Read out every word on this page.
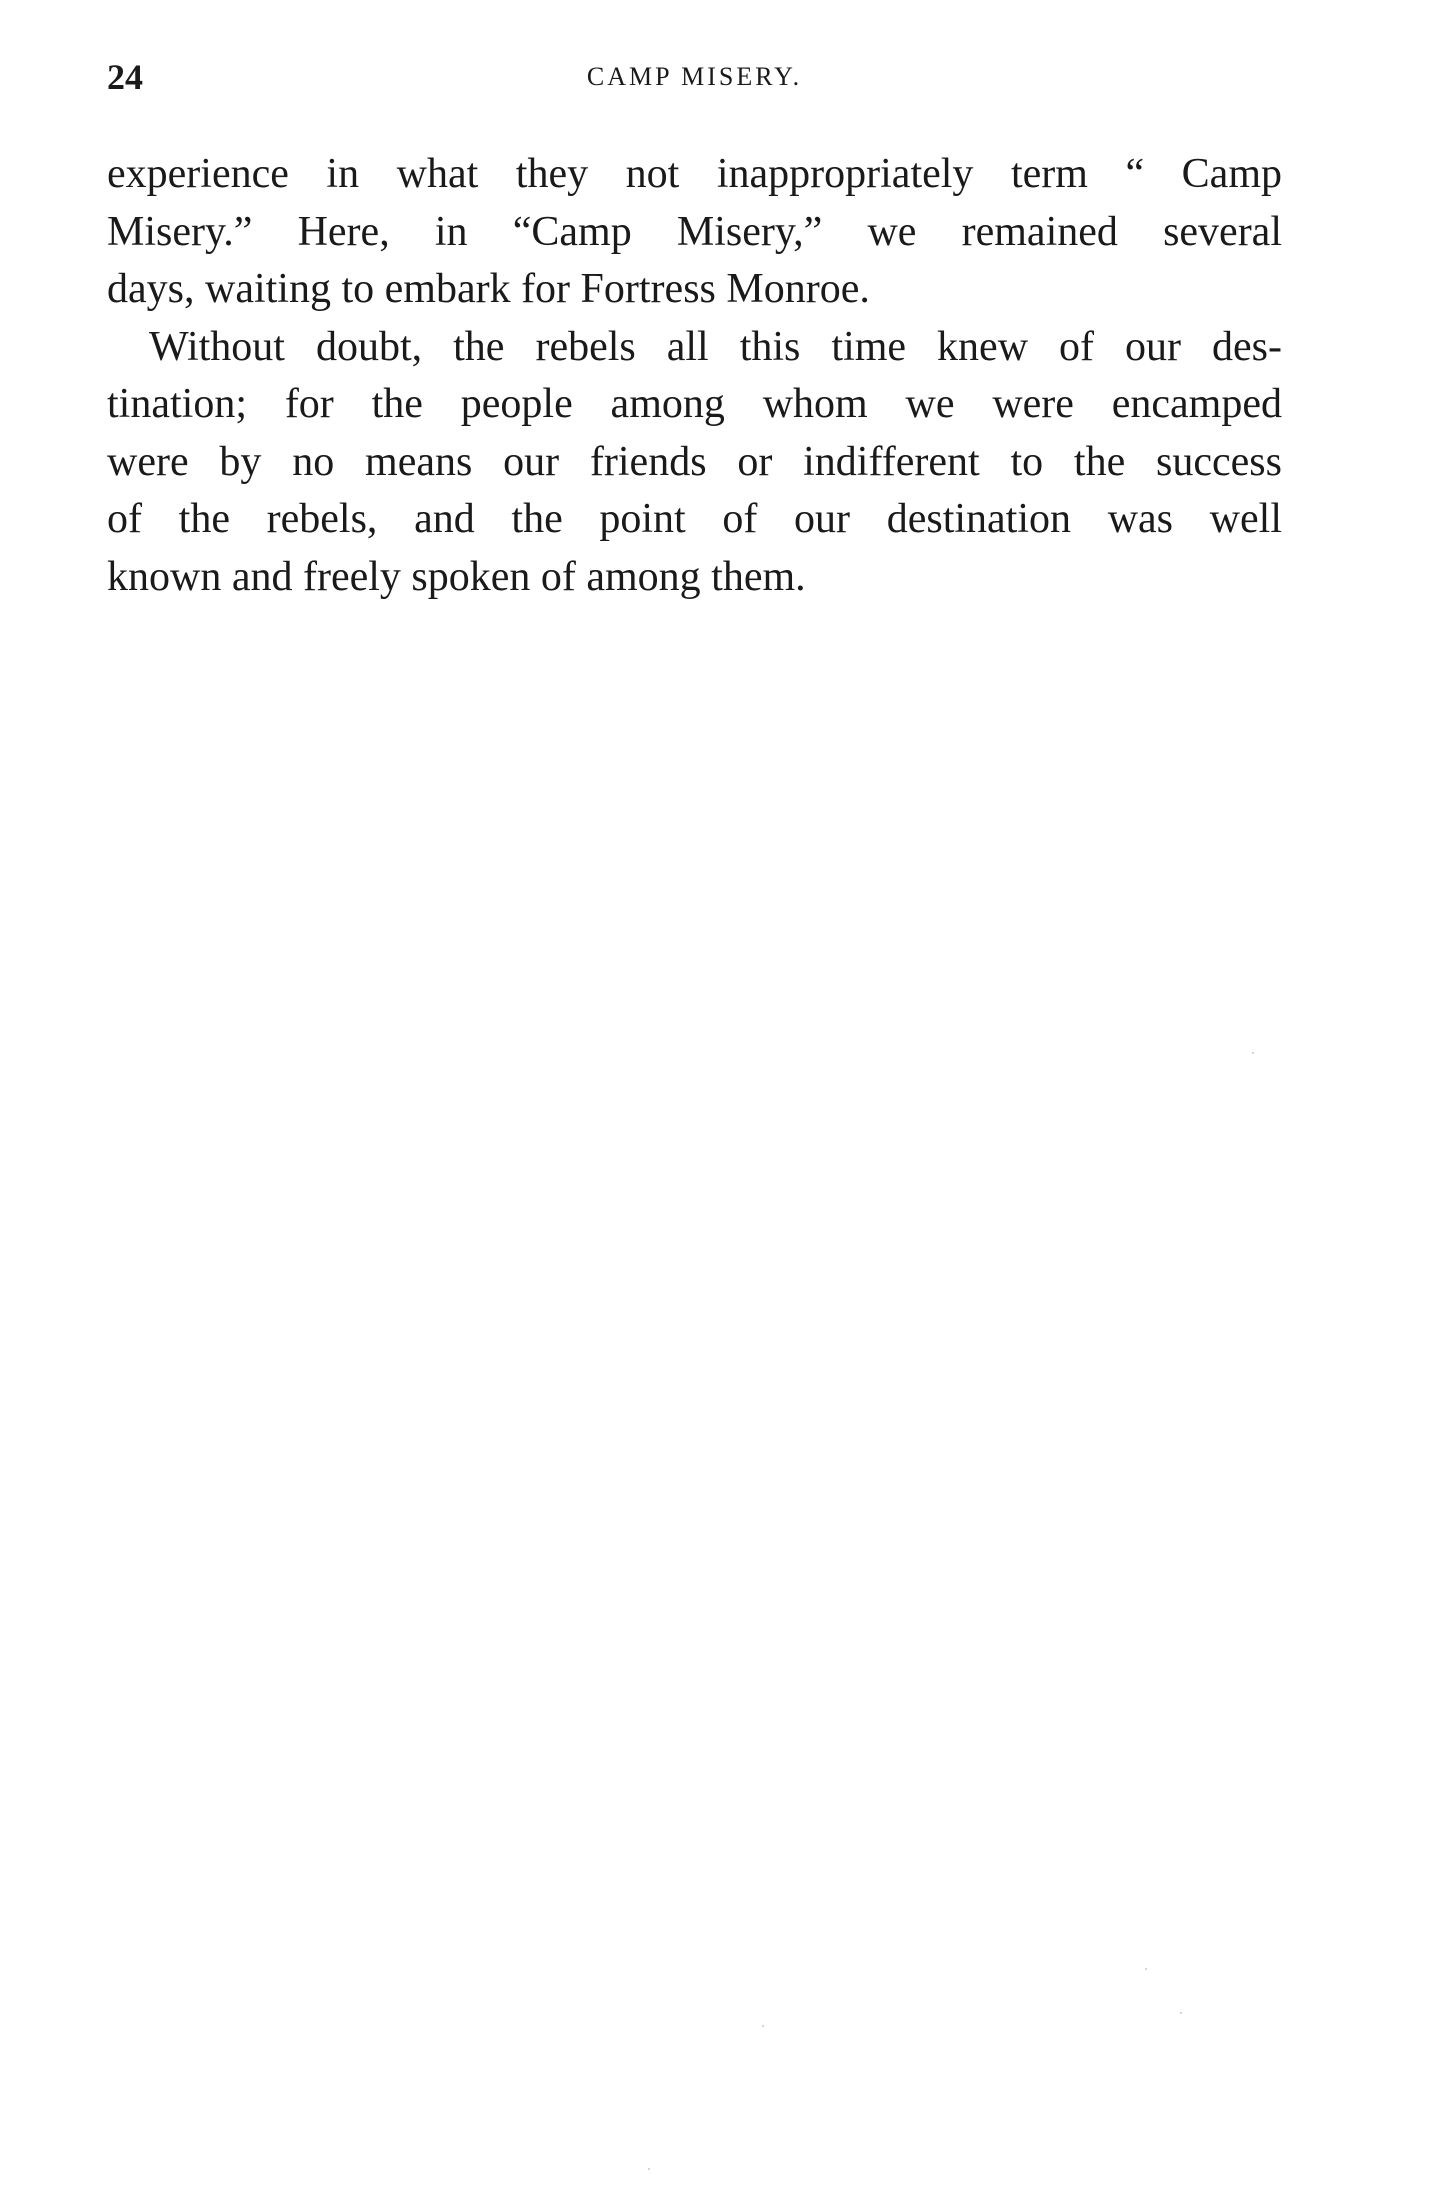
24	CAMP MISERY.
experience in what they not inappropriately term “ Camp
Misery.” Here, in “Camp Misery,” we remained several
days, waiting to embark for Fortress Monroe.
Without doubt, the rebels all this time knew of our des-
tination; for the people among whom we were encamped
were by no means our friends or indifferent to the success
of the rebels, and the point of our destination was well
known and freely spoken of among them.
